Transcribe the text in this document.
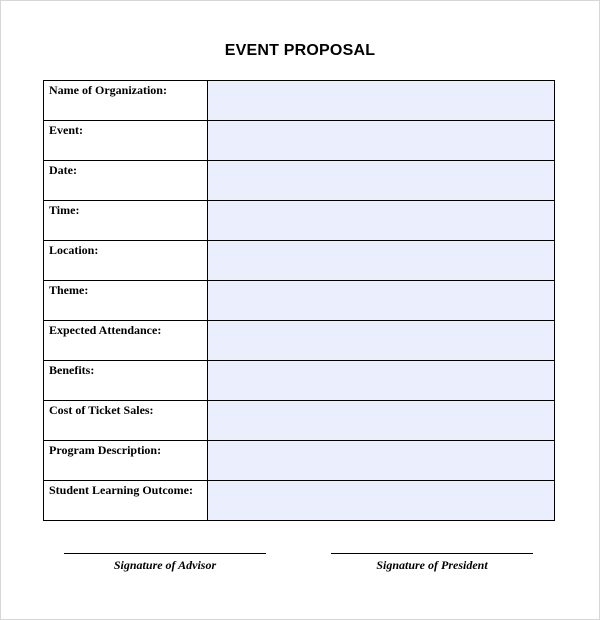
EVENT PROPOSAL
Name of Organization:	
Event:	
Date:	
Time:	
Location:	
Theme:	
Expected Attendance:	
Benefits:	
Cost of Ticket Sales:	
Program Description:	
Student Learning Outcome:	
Signature of Advisor	Signature of President
